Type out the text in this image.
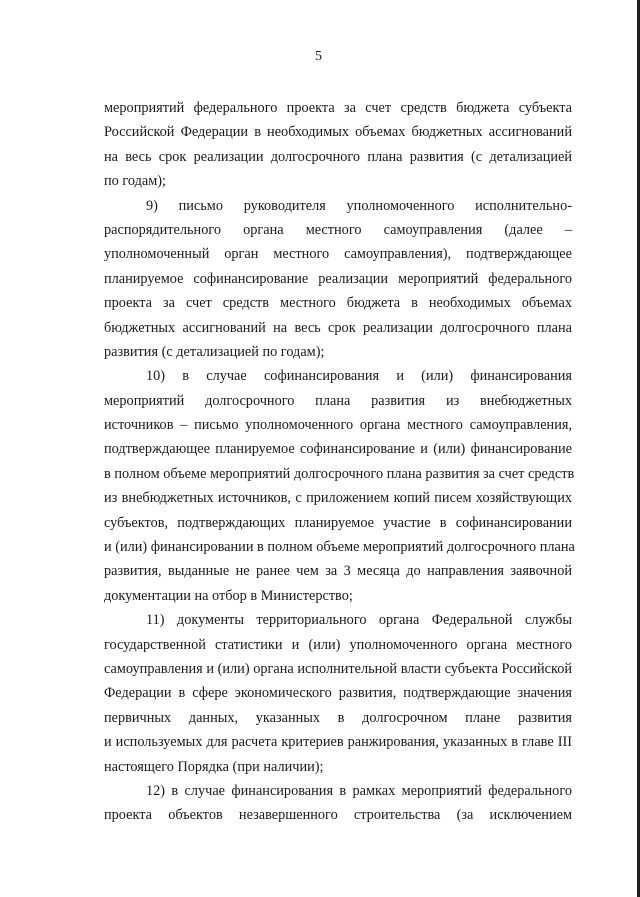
5
мероприятий федерального проекта за счет средств бюджета субъекта
Российской Федерации в необходимых объемах бюджетных ассигнований
на весь срок реализации долгосрочного плана развития (с детализацией
по годам);
9) письмо руководителя уполномоченного исполнительно-
распорядительного органа местного самоуправления (далее –
уполномоченный орган местного самоуправления), подтверждающее
планируемое софинансирование реализации мероприятий федерального
проекта за счет средств местного бюджета в необходимых объемах
бюджетных ассигнований на весь срок реализации долгосрочного плана
развития (с детализацией по годам);
10) в случае софинансирования и (или) финансирования
мероприятий долгосрочного плана развития из внебюджетных
источников – письмо уполномоченного органа местного самоуправления,
подтверждающее планируемое софинансирование и (или) финансирование
в полном объеме мероприятий долгосрочного плана развития за счет средств
из внебюджетных источников, с приложением копий писем хозяйствующих
субъектов, подтверждающих планируемое участие в софинансировании
и (или) финансировании в полном объеме мероприятий долгосрочного плана
развития, выданные не ранее чем за 3 месяца до направления заявочной
документации на отбор в Министерство;
11) документы территориального органа Федеральной службы
государственной статистики и (или) уполномоченного органа местного
самоуправления и (или) органа исполнительной власти субъекта Российской
Федерации в сфере экономического развития, подтверждающие значения
первичных данных, указанных в долгосрочном плане развития
и используемых для расчета критериев ранжирования, указанных в главе III
настоящего Порядка (при наличии);
12) в случае финансирования в рамках мероприятий федерального
проекта объектов незавершенного строительства (за исключением
